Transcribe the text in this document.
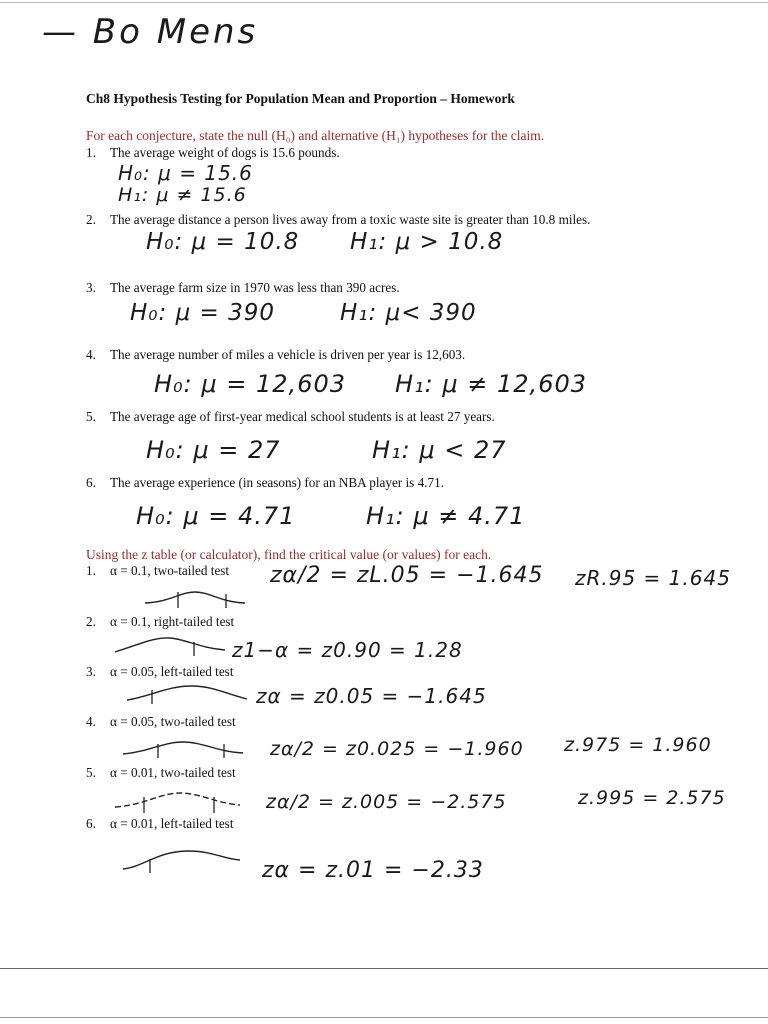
— Bo Mens
Ch8 Hypothesis Testing for Population Mean and Proportion – Homework
For each conjecture, state the null (H₀) and alternative (H₁) hypotheses for the claim.
1. The average weight of dogs is 15.6 pounds.
H₀: μ = 15.6
H₁: μ ≠ 15.6
2. The average distance a person lives away from a toxic waste site is greater than 10.8 miles.
H₀: μ = 10.8 H₁: μ > 10.8
3. The average farm size in 1970 was less than 390 acres.
H₀: μ = 390	H₁: μ< 390
4. The average number of miles a vehicle is driven per year is 12,603.
H₀: μ = 12,603 H₁: μ ≠ 12,603
5. The average age of first-year medical school students is at least 27 years.
H₀: μ = 27	H₁: μ < 27
6. The average experience (in seasons) for an NBA player is 4.71.
H₀: μ = 4.71	H₁: μ ≠ 4.71
Using the z table (or calculator), find the critical value (or values) for each.
1. α = 0.1, two-tailed test zα/2 = zL.05 = −1.645 zR.95 = 1.645
2. α = 0.1, right-tailed test
z1−α = z0.90 = 1.28
3. α = 0.05, left-tailed test
zα = z0.05 = −1.645
4. α = 0.05, two-tailed test
zα/2 = z0.025 = −1.960 z.975 = 1.960
5. α = 0.01, two-tailed test
zα/2 = z.005 = −2.575	z.995 = 2.575
6. α = 0.01, left-tailed test
zα = z.01 = −2.33
